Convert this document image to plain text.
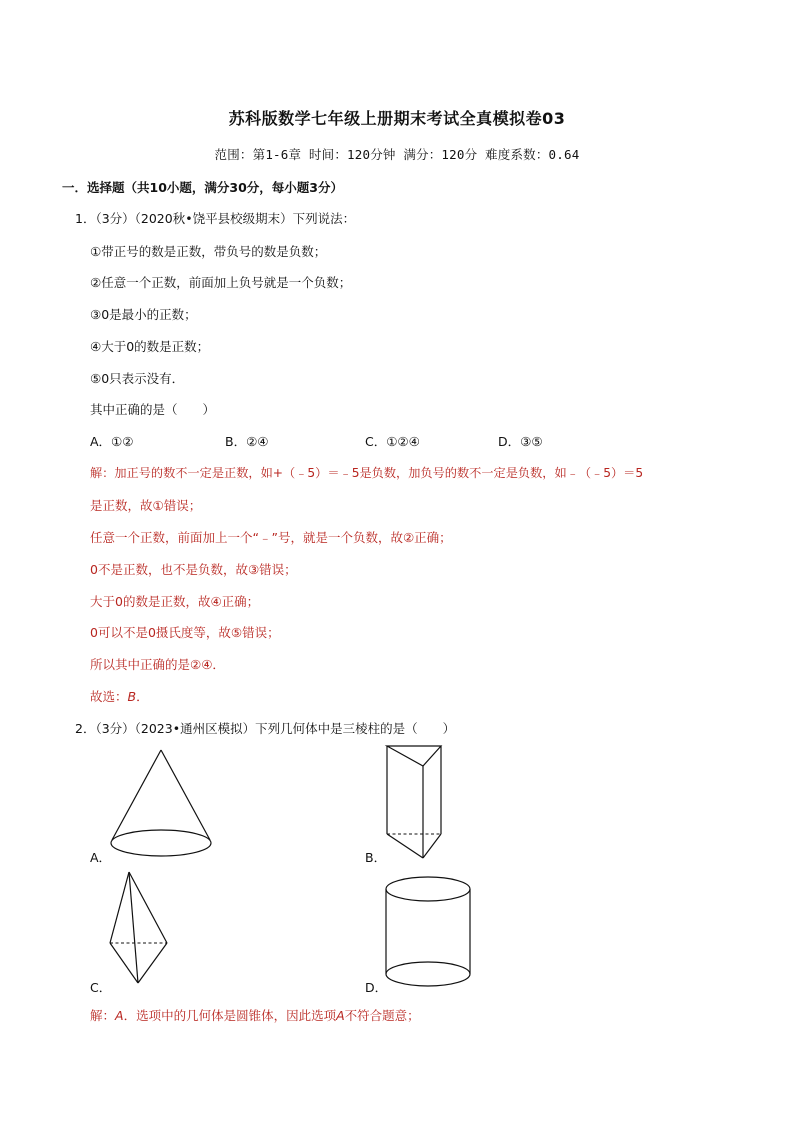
苏科版数学七年级上册期末考试全真模拟卷03
范围：第1-6章 时间：120分钟 满分：120分 难度系数：0.64
一．选择题（共10小题，满分30分，每小题3分）
1．（3分）（2020秋•饶平县校级期末）下列说法：
①带正号的数是正数，带负号的数是负数；
②任意一个正数，前面加上负号就是一个负数；
③0是最小的正数；
④大于0的数是正数；
⑤0只表示没有．
其中正确的是（　　）
A．①②	B．②④	C．①②④	D．③⑤
解：加正号的数不一定是正数，如+（﹣5）＝﹣5是负数，加负号的数不一定是负数，如﹣（﹣5）＝5
是正数，故①错误；
任意一个正数，前面加上一个“﹣”号，就是一个负数，故②正确；
0不是正数，也不是负数，故③错误；
大于0的数是正数，故④正确；
0可以不是0摄氏度等，故⑤错误；
所以其中正确的是②④．
故选：B．
2．（3分）（2023•通州区模拟）下列几何体中是三棱柱的是（　　）
A．	B．
C．	D．
解：A．选项中的几何体是圆锥体，因此选项A不符合题意；
